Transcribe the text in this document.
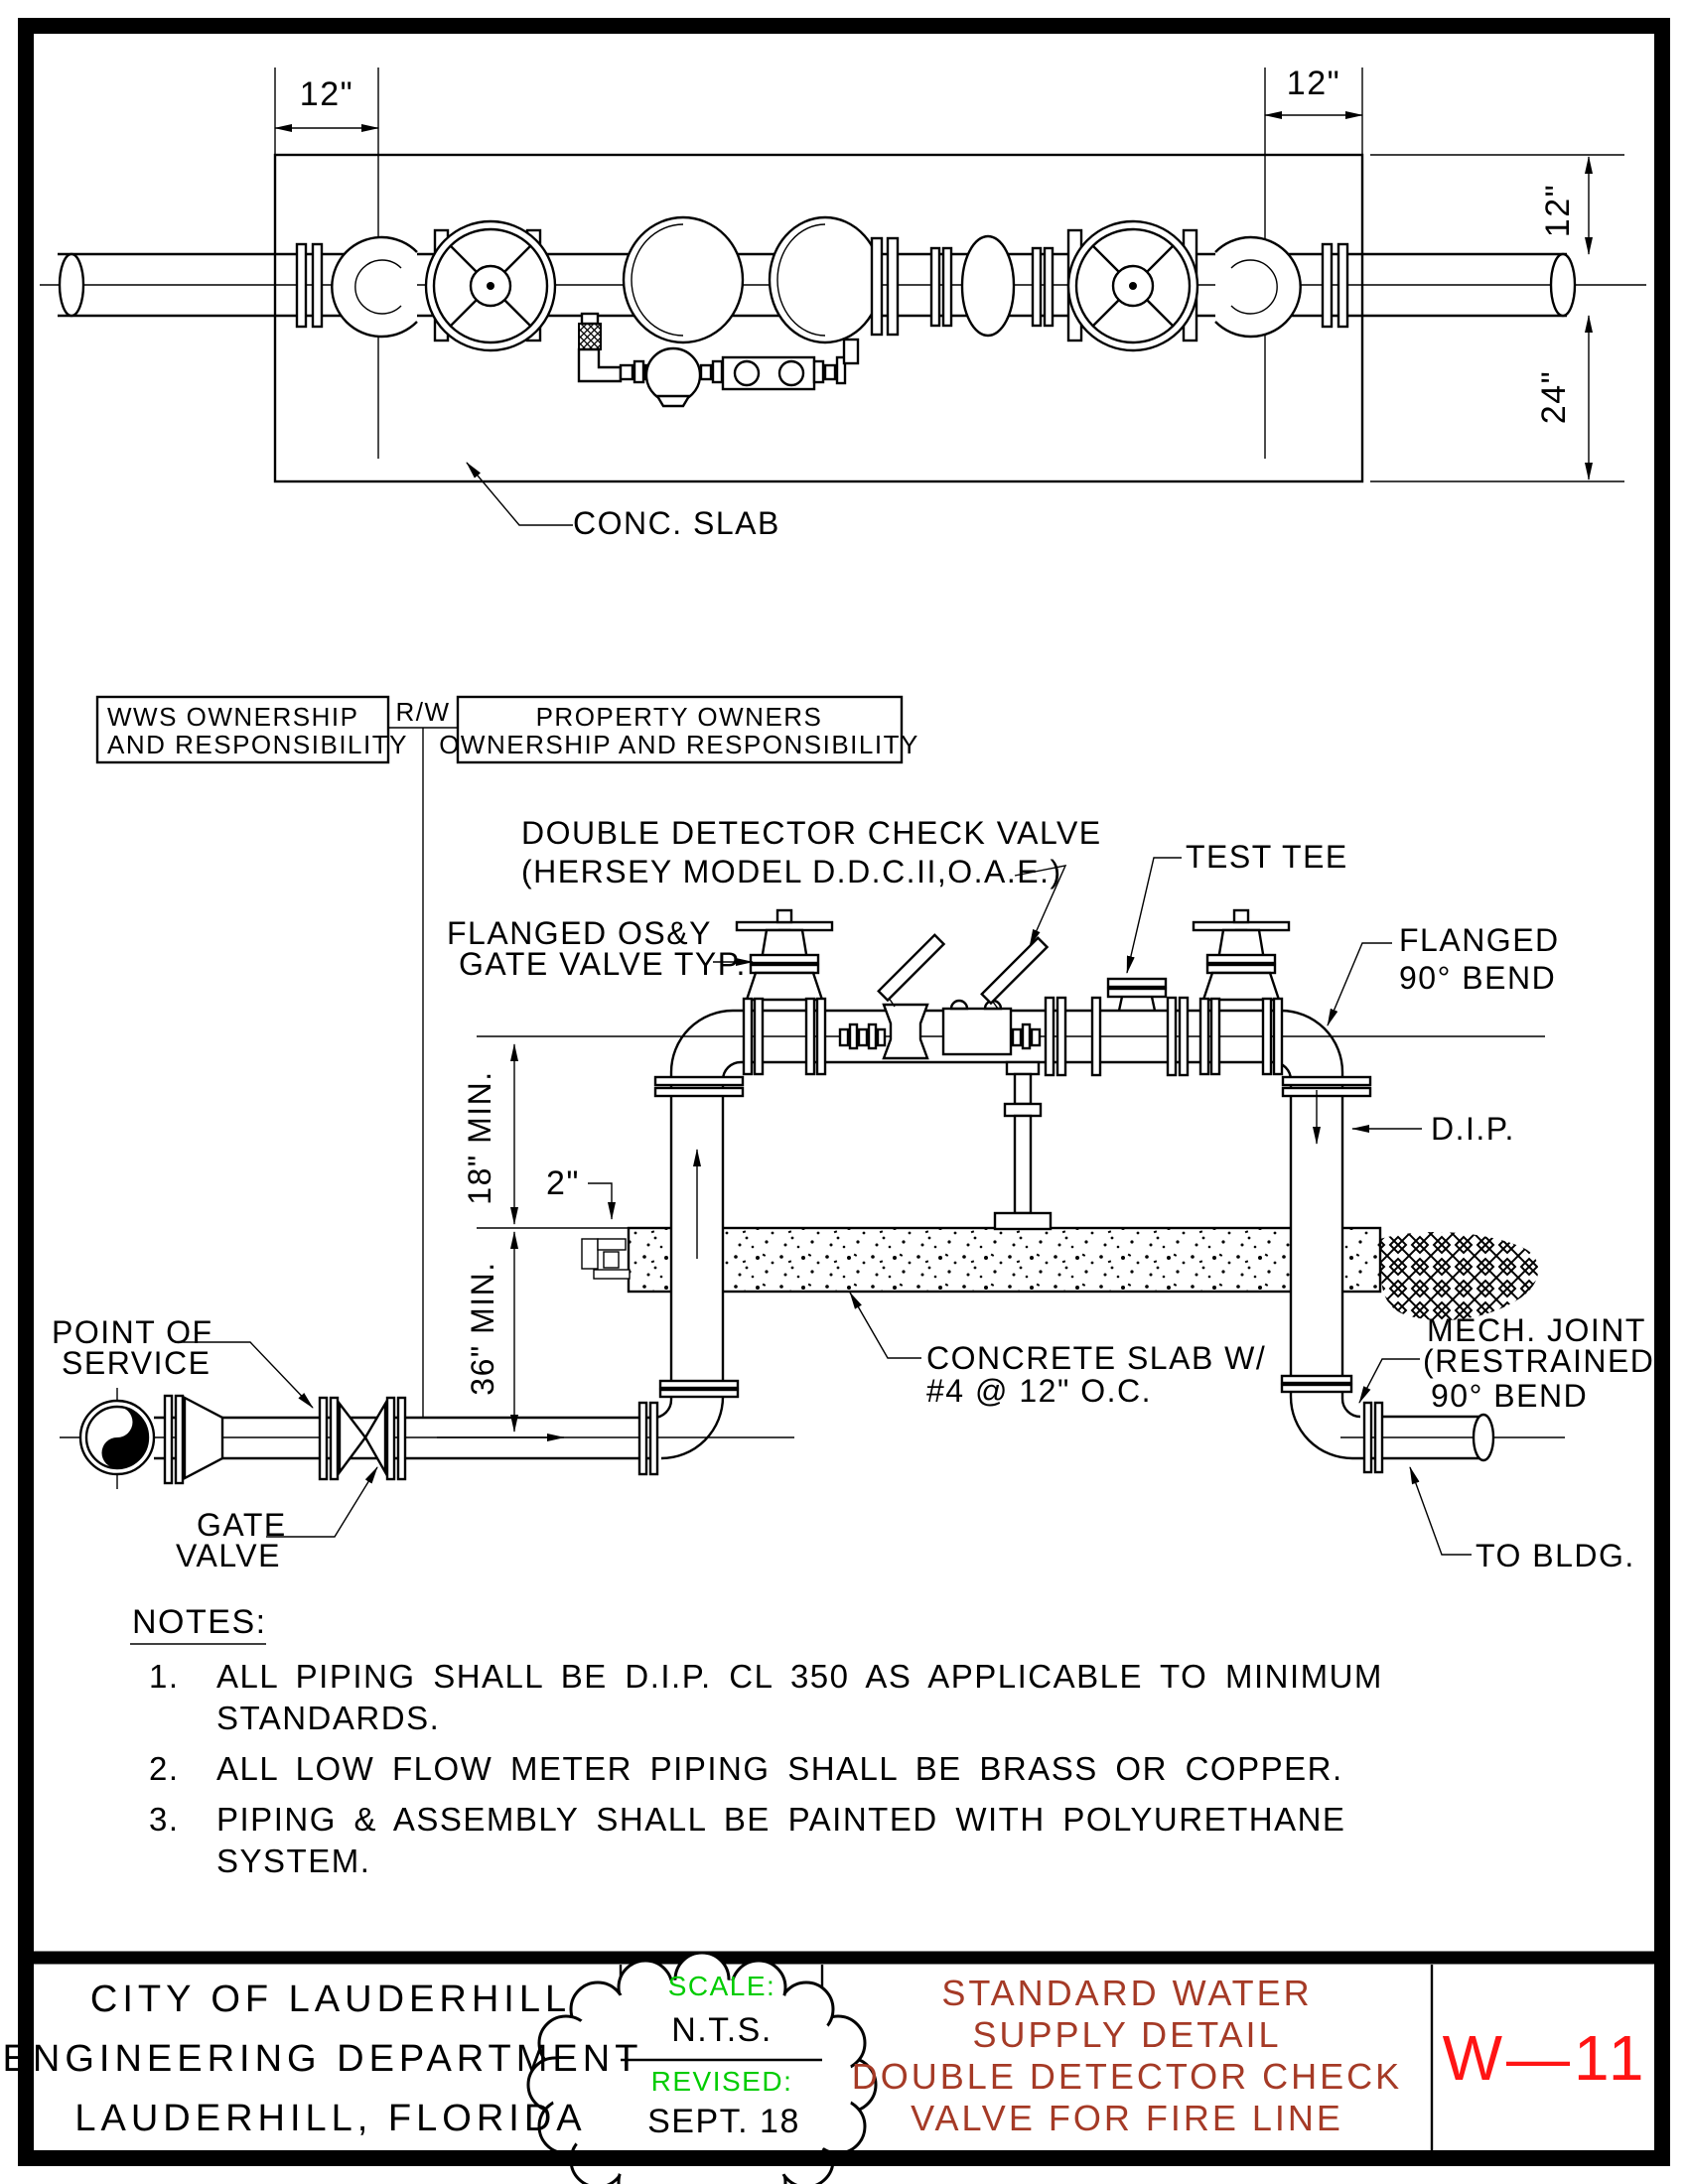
12"	12"
12"
24"
CONC. SLAB
WWS OWNERSHIP
AND RESPONSIBILITY
R/W	PROPERTY OWNERS
OWNERSHIP AND RESPONSIBILITY
18" MIN.
36" MIN.
2"
DOUBLE DETECTOR CHECK VALVE
(HERSEY MODEL D.D.C.II,O.A.E.)	TEST TEE
FLANGED OS&Y
GATE VALVE TYP.
FLANGED
90° BEND
D.I.P.
POINT OF
SERVICE
GATE
VALVE
CONCRETE SLAB W/
#4 @ 12" O.C.
MECH. JOINT
(RESTRAINED)
90° BEND
TO BLDG.
NOTES:
1. ALL PIPING SHALL BE D.I.P. CL 350 AS APPLICABLE TO MINIMUM
STANDARDS.
2. ALL LOW FLOW METER PIPING SHALL BE BRASS OR COPPER.
3. PIPING & ASSEMBLY SHALL BE PAINTED WITH POLYURETHANE
SYSTEM.
CITY OF LAUDERHILL
ENGINEERING DEPARTMENT
LAUDERHILL, FLORIDA
SCALE:
N.T.S.
REVISED:
SEPT. 18
STANDARD WATER
SUPPLY DETAIL
DOUBLE DETECTOR CHECK
VALVE FOR FIRE LINE
W—11
